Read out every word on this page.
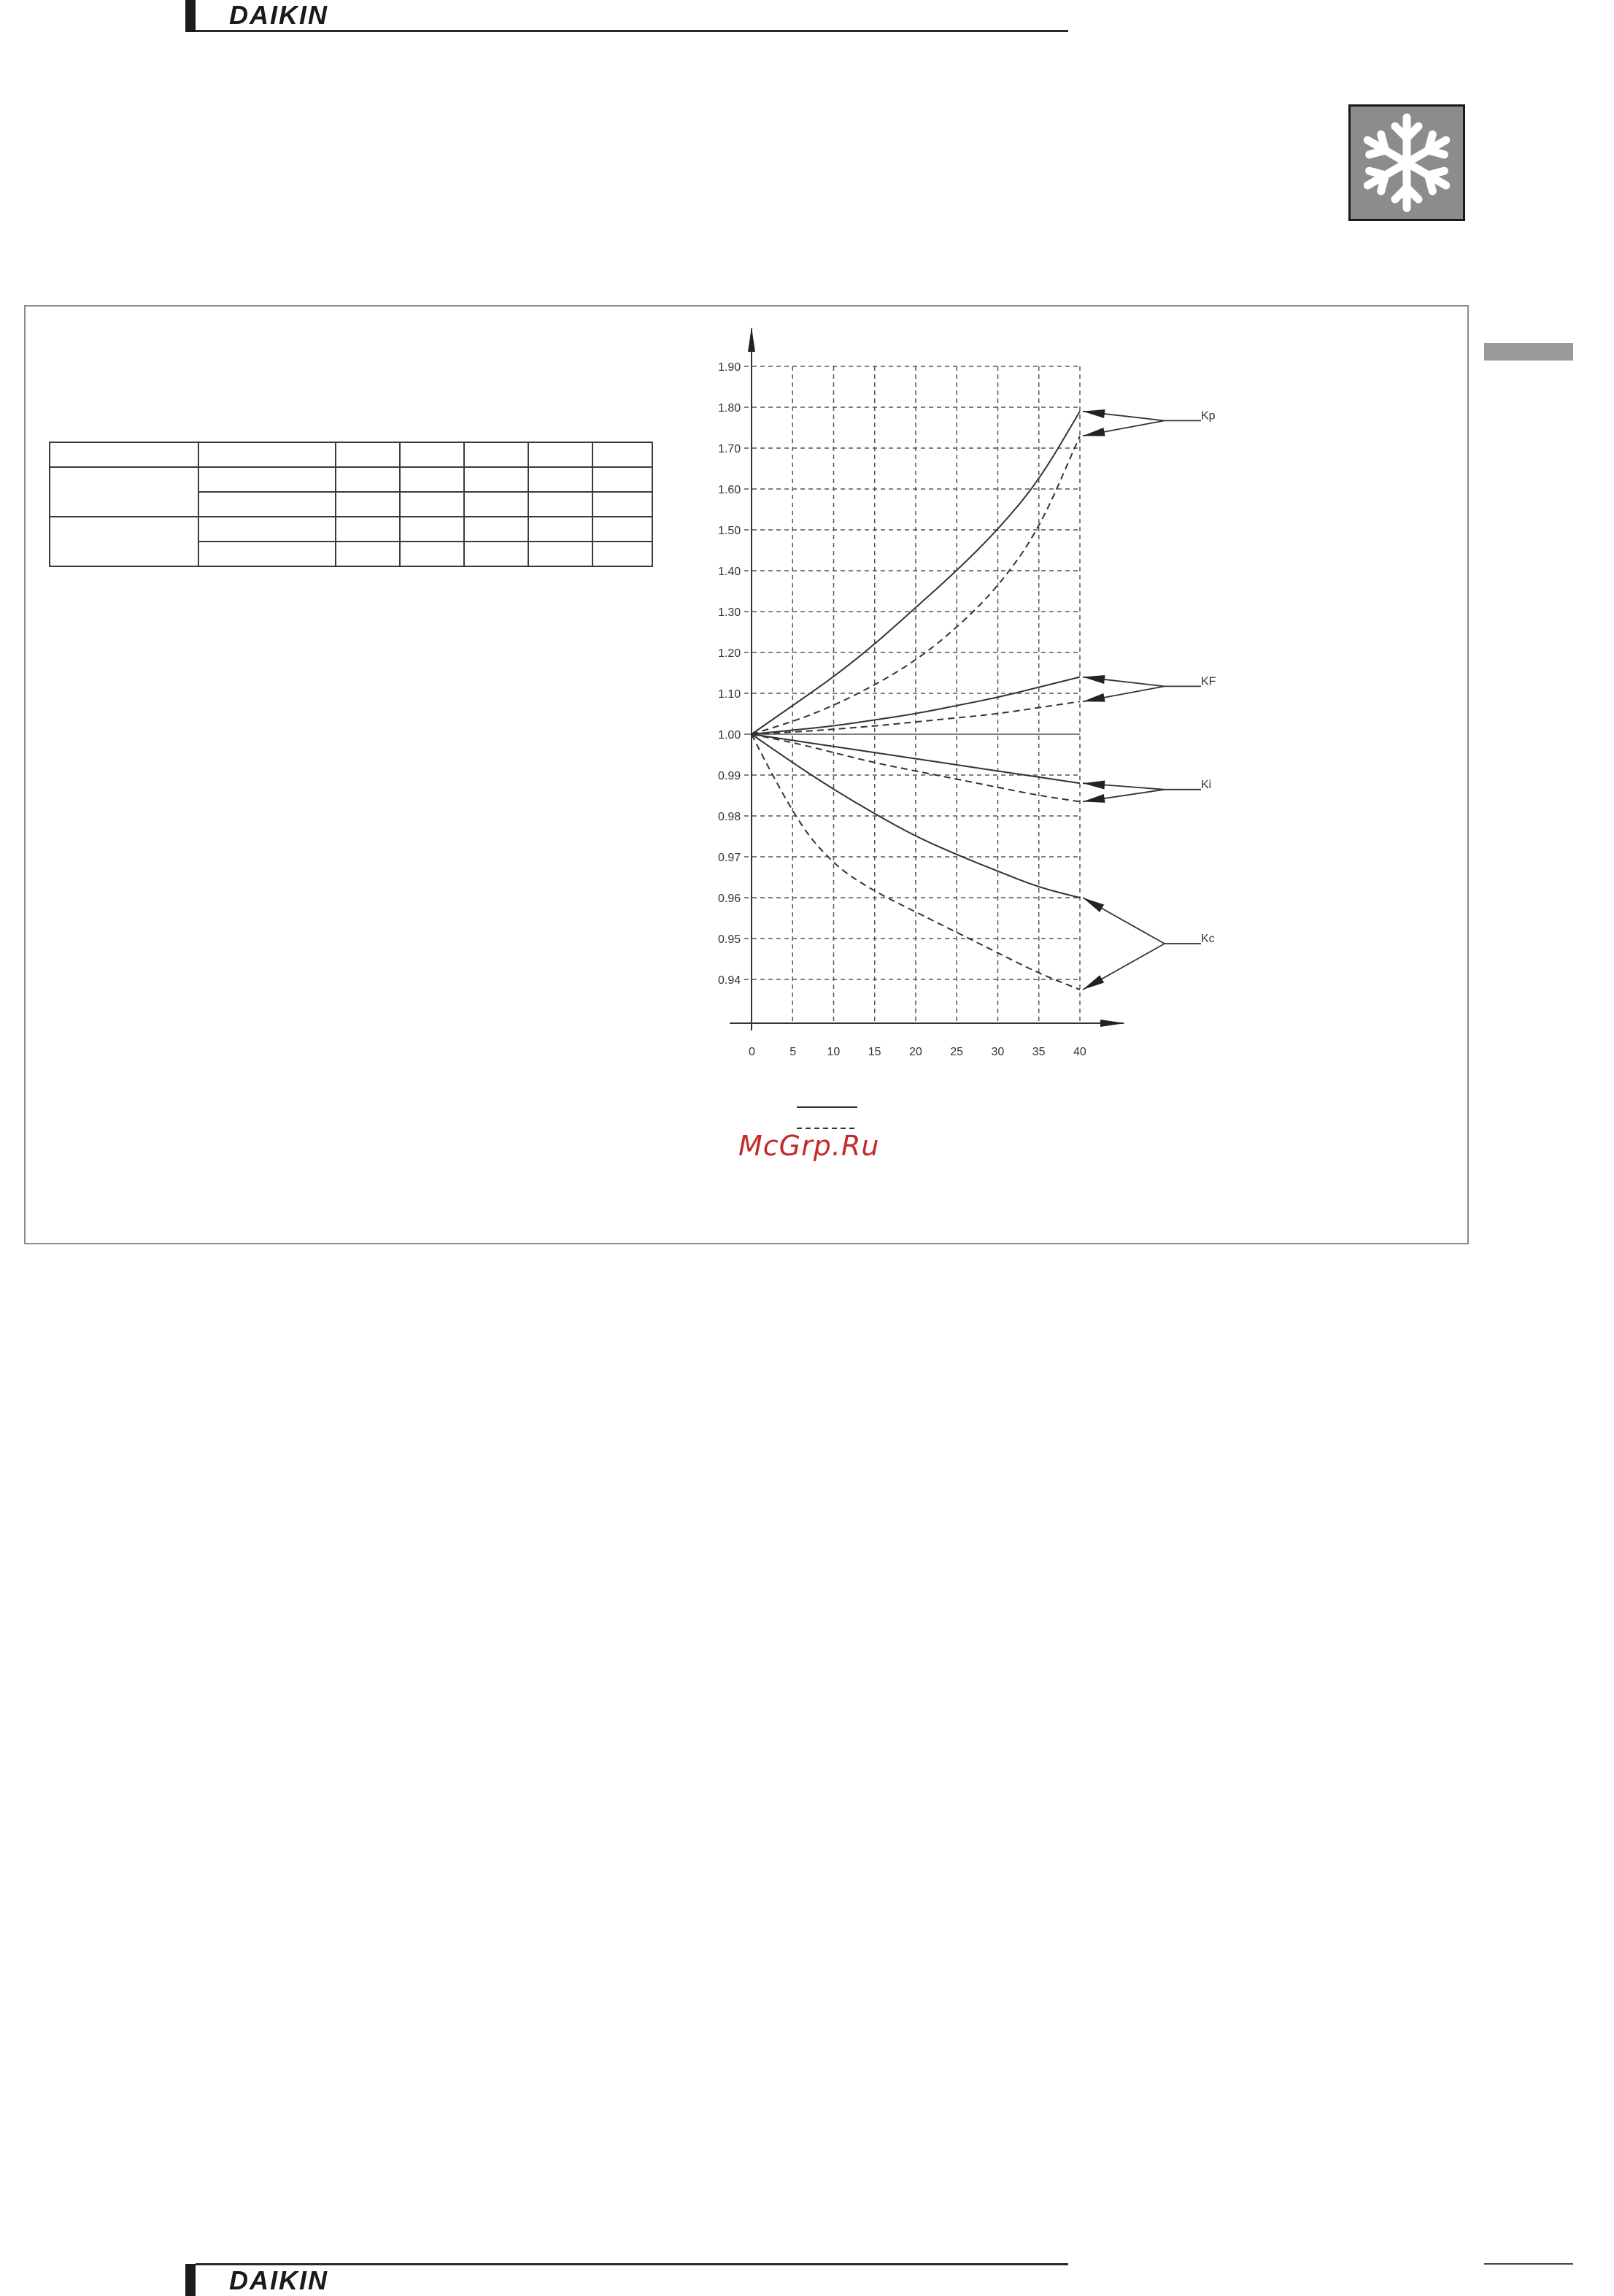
DAIKIN

0.94
0.95
0.96
0.97
0.98
0.99
1.00
1.10
1.20
1.30
1.40
1.50
1.60
1.70
1.80
1.90
0	5	10 15 20 25 30 35 40
Kp
KF
Ki
Kc
McGrp.Ru
DAIKIN
